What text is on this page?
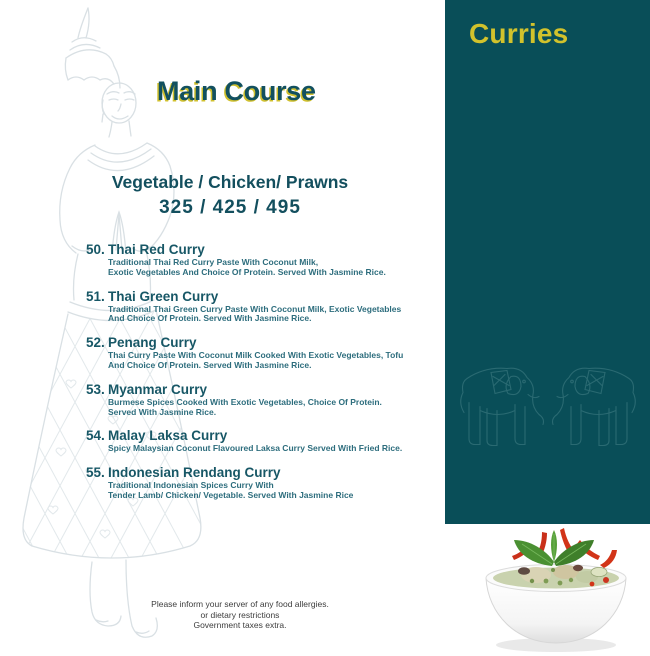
Main Course
Vegetable / Chicken/ Prawns
325 / 425 / 495
50. Thai Red Curry
Traditional Thai Red Curry Paste With Coconut Milk,
Exotic Vegetables And Choice Of Protein. Served With Jasmine Rice.
51. Thai Green Curry
Traditional Thai Green Curry Paste With Coconut Milk, Exotic Vegetables
And Choice Of Protein. Served With Jasmine Rice.
52. Penang Curry
Thai Curry Paste With Coconut Milk Cooked With Exotic Vegetables, Tofu
And Choice Of Protein. Served With Jasmine Rice.
53. Myanmar Curry
Burmese Spices Cooked With Exotic Vegetables, Choice Of Protein.
Served With Jasmine Rice.
54. Malay Laksa Curry
Spicy Malaysian Coconut Flavoured Laksa Curry Served With Fried Rice.
55. Indonesian Rendang Curry
Traditional Indonesian Spices Curry With
Tender Lamb/ Chicken/ Vegetable. Served With Jasmine Rice
Please inform your server of any food allergies.
or dietary restrictions
Government taxes extra.
Curries
